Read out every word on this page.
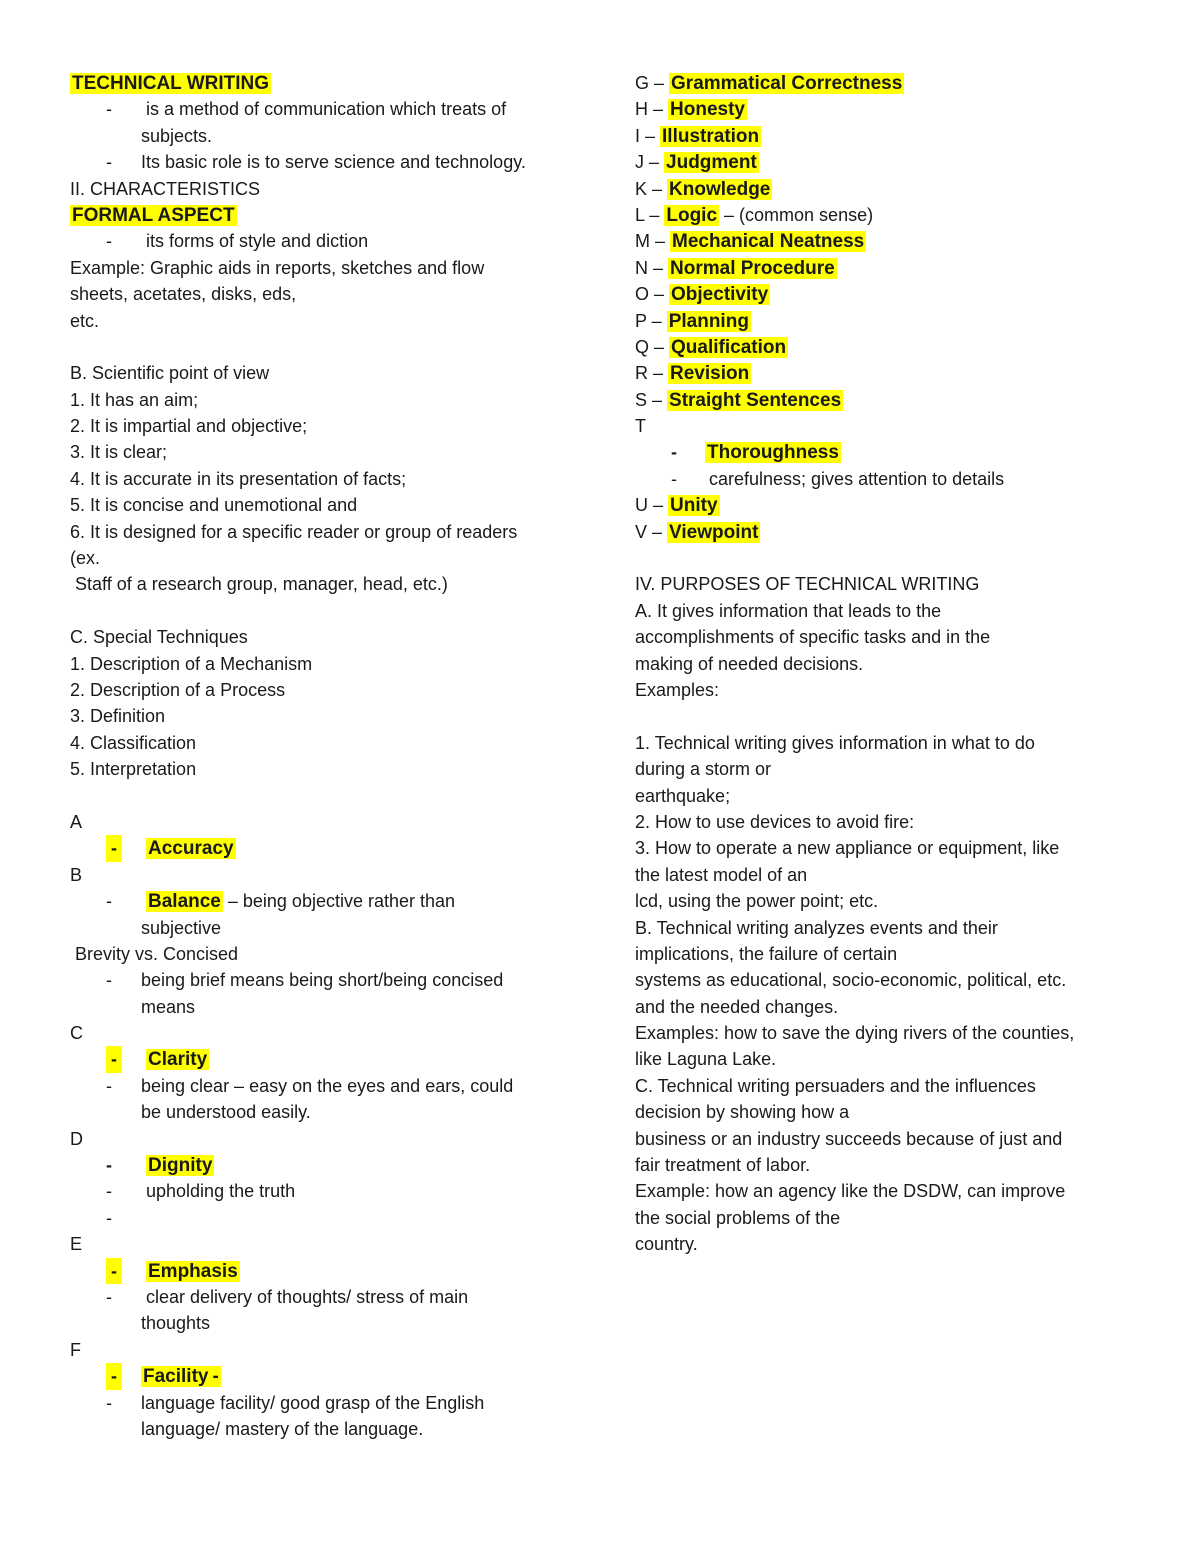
TECHNICAL WRITING
- is a method of communication which treats of
subjects.
- Its basic role is to serve science and technology.
II. CHARACTERISTICS
FORMAL ASPECT
- its forms of style and diction
Example: Graphic aids in reports, sketches and flow
sheets, acetates, disks, eds,
etc.
B. Scientific point of view
1. It has an aim;
2. It is impartial and objective;
3. It is clear;
4. It is accurate in its presentation of facts;
5. It is concise and unemotional and
6. It is designed for a specific reader or group of readers
(ex.
Staff of a research group, manager, head, etc.)
C. Special Techniques
1. Description of a Mechanism
2. Description of a Process
3. Definition
4. Classification
5. Interpretation
A
- Accuracy
B
- Balance – being objective rather than
subjective
Brevity vs. Concised
- being brief means being short/being concised
means
C
- Clarity
- being clear – easy on the eyes and ears, could
be understood easily.
D
- Dignity
- upholding the truth
-
E
- Emphasis
- clear delivery of thoughts/ stress of main
thoughts
F
- Facility -
- language facility/ good grasp of the English
language/ mastery of the language.
G – Grammatical Correctness
H – Honesty
I – Illustration
J – Judgment
K – Knowledge
L – Logic – (common sense)
M – Mechanical Neatness
N – Normal Procedure
O – Objectivity
P – Planning
Q – Qualification
R – Revision
S – Straight Sentences
T
- Thoroughness
- carefulness; gives attention to details
U – Unity
V – Viewpoint
IV. PURPOSES OF TECHNICAL WRITING
A. It gives information that leads to the
accomplishments of specific tasks and in the
making of needed decisions.
Examples:
1. Technical writing gives information in what to do
during a storm or
earthquake;
2. How to use devices to avoid fire:
3. How to operate a new appliance or equipment, like
the latest model of an
lcd, using the power point; etc.
B. Technical writing analyzes events and their
implications, the failure of certain
systems as educational, socio-economic, political, etc.
and the needed changes.
Examples: how to save the dying rivers of the counties,
like Laguna Lake.
C. Technical writing persuaders and the influences
decision by showing how a
business or an industry succeeds because of just and
fair treatment of labor.
Example: how an agency like the DSDW, can improve
the social problems of the
country.
